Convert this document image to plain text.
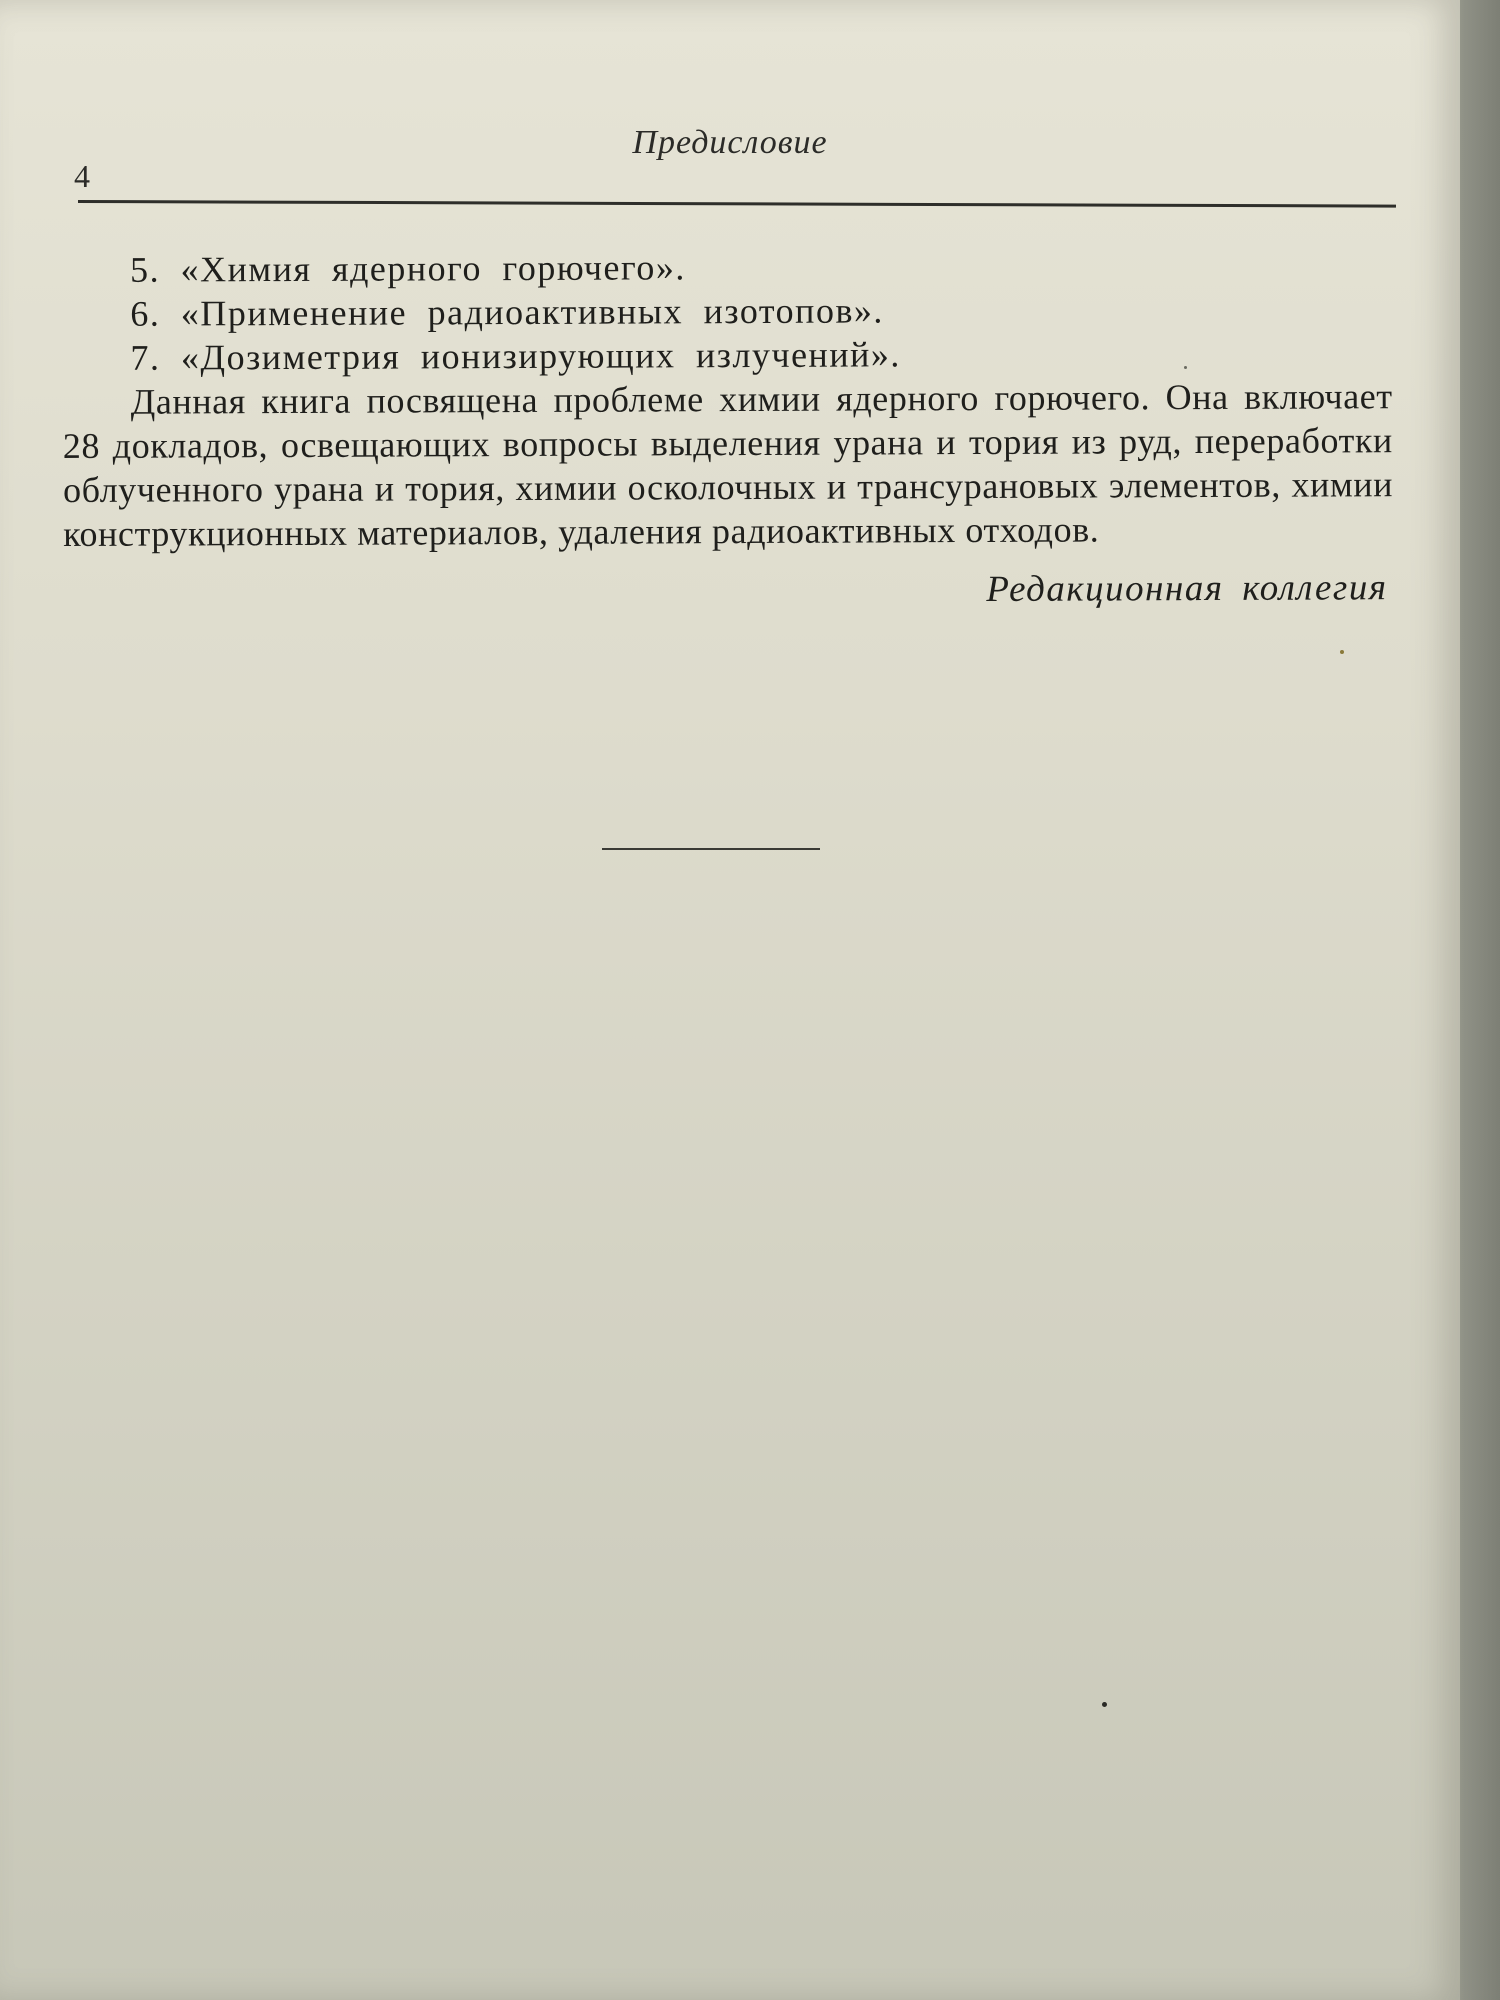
4
Предисловие
5. «Химия ядерного горючего».
6. «Применение радиоактивных изотопов».
7. «Дозиметрия ионизирующих излучений».

Данная книга посвящена проблеме химии ядерного горючего. Она включает 28 докладов, освещающих вопросы выделения урана и тория из руд, переработки облученного урана и тория, химии осколочных и трансурановых элементов, химии конструкционных материалов, удаления радиоактивных отходов.

Редакционная коллегия
